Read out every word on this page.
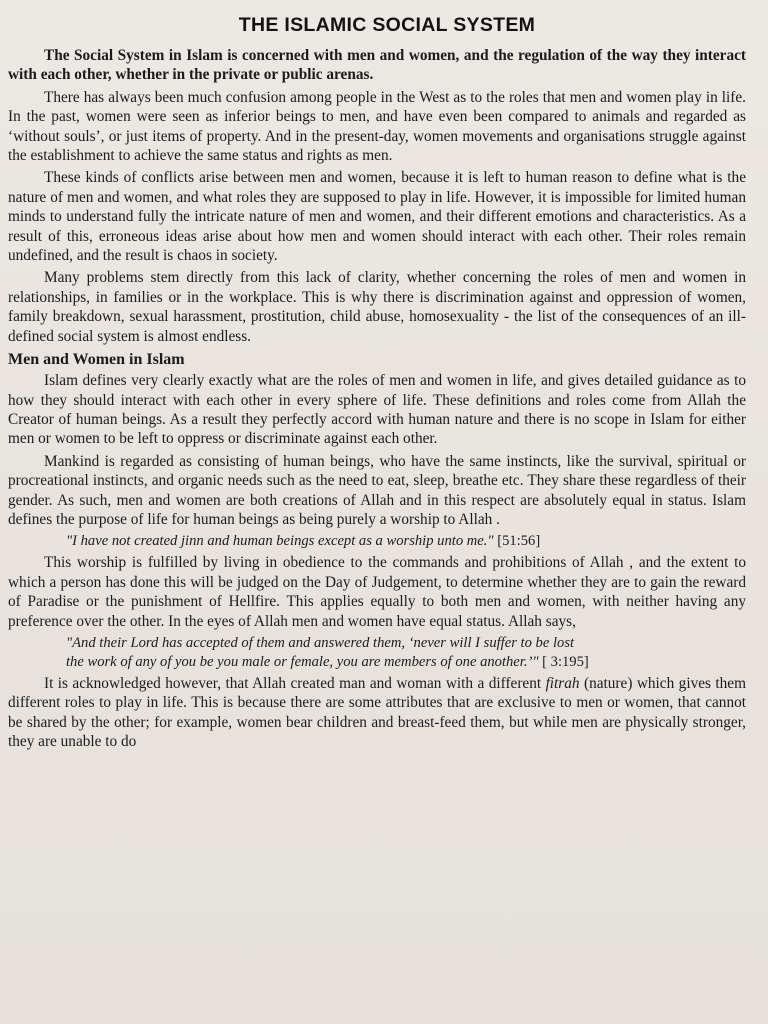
THE ISLAMIC SOCIAL SYSTEM

The Social System in Islam is concerned with men and women, and the regulation of the way they interact with each other, whether in the private or public arenas.

There has always been much confusion among people in the West as to the roles that men and women play in life. In the past, women were seen as inferior beings to men, and have even been compared to animals and regarded as ‘without souls’, or just items of property. And in the present-day, women movements and organisations struggle against the establishment to achieve the same status and rights as men.

These kinds of conflicts arise between men and women, because it is left to human reason to define what is the nature of men and women, and what roles they are supposed to play in life. However, it is impossible for limited human minds to understand fully the intricate nature of men and women, and their different emotions and characteristics. As a result of this, erroneous ideas arise about how men and women should interact with each other. Their roles remain undefined, and the result is chaos in society.

Many problems stem directly from this lack of clarity, whether concerning the roles of men and women in relationships, in families or in the workplace. This is why there is discrimination against and oppression of women, family breakdown, sexual harassment, prostitution, child abuse, homosexuality - the list of the consequences of an ill-defined social system is almost endless.

Men and Women in Islam

Islam defines very clearly exactly what are the roles of men and women in life, and gives detailed guidance as to how they should interact with each other in every sphere of life. These definitions and roles come from Allah the Creator of human beings. As a result they perfectly accord with human nature and there is no scope in Islam for either men or women to be left to oppress or discriminate against each other.

Mankind is regarded as consisting of human beings, who have the same instincts, like the survival, spiritual or procreational instincts, and organic needs such as the need to eat, sleep, breathe etc. They share these regardless of their gender. As such, men and women are both creations of Allah and in this respect are absolutely equal in status. Islam defines the purpose of life for human beings as being purely a worship to Allah .

"I have not created jinn and human beings except as a worship unto me." [51:56]

This worship is fulfilled by living in obedience to the commands and prohibitions of Allah , and the extent to which a person has done this will be judged on the Day of Judgement, to determine whether they are to gain the reward of Paradise or the punishment of Hellfire. This applies equally to both men and women, with neither having any preference over the other. In the eyes of Allah men and women have equal status. Allah says,

"And their Lord has accepted of them and answered them, ‘never will I suffer to be lost
the work of any of you be you male or female, you are members of one another.’" [ 3:195]

It is acknowledged however, that Allah created man and woman with a different fitrah (nature) which gives them different roles to play in life. This is because there are some attributes that are exclusive to men or women, that cannot be shared by the other; for example, women bear children and breast-feed them, but while men are physically stronger, they are unable to do
